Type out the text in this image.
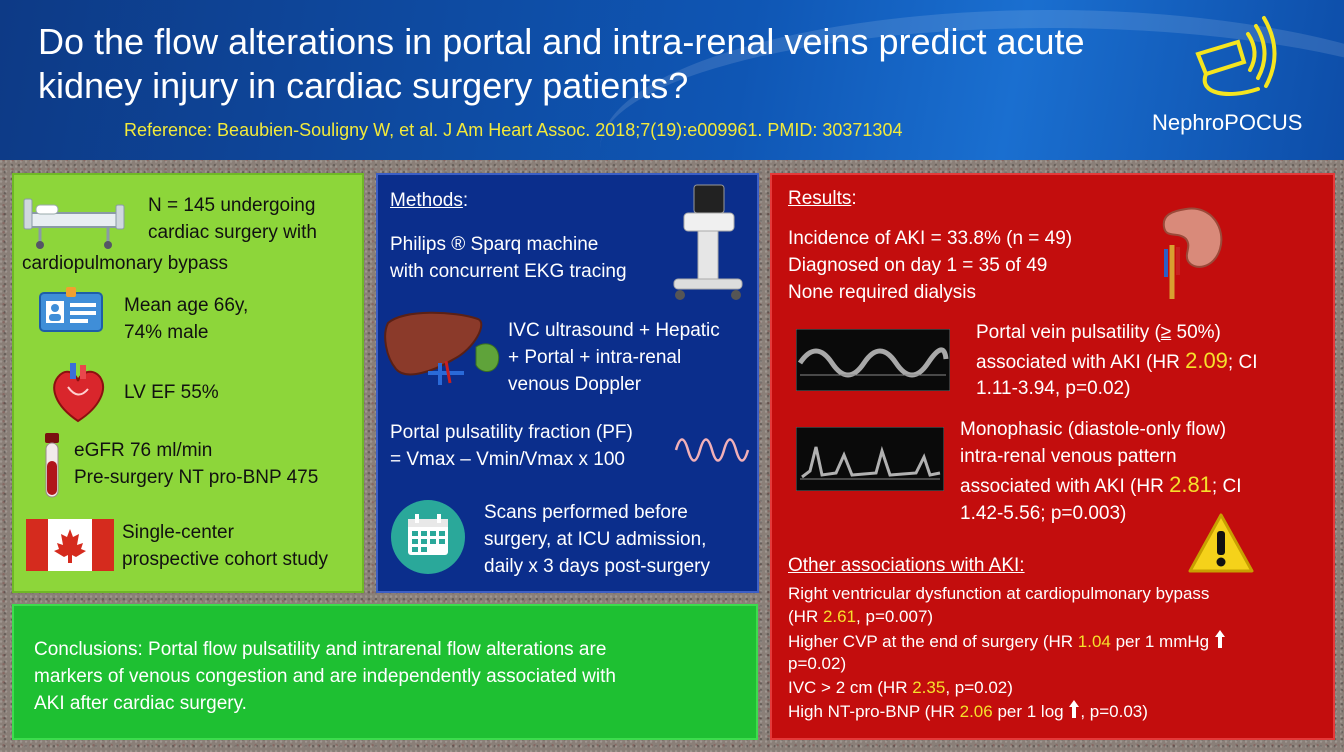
Do the flow alterations in portal and intra-renal veins predict acute kidney injury in cardiac surgery patients?
Reference: Beaubien-Souligny W, et al. J Am Heart Assoc. 2018;7(19):e009961. PMID: 30371304	NephroPOCUS
N = 145 undergoing
cardiac surgery with
cardiopulmonary bypass
Mean age 66y,
74% male
LV EF 55%
eGFR 76 ml/min
Pre-surgery NT pro-BNP 475
Single-center
prospective cohort study
Methods:
Philips ® Sparq machine
with concurrent EKG tracing
IVC ultrasound + Hepatic
+ Portal + intra-renal
venous Doppler
Portal pulsatility fraction (PF)
= Vmax – Vmin/Vmax x 100
Scans performed before
surgery, at ICU admission,
daily x 3 days post-surgery
Results:
Incidence of AKI = 33.8% (n = 49)
Diagnosed on day 1 = 35 of 49
None required dialysis
Portal vein pulsatility (≥ 50%)
associated with AKI (HR 2.09; CI
1.11-3.94, p=0.02)
Monophasic (diastole-only flow)
intra-renal venous pattern
associated with AKI (HR 2.81; CI
1.42-5.56; p=0.003)
Other associations with AKI:
Right ventricular dysfunction at cardiopulmonary bypass
(HR 2.61, p=0.007)
Higher CVP at the end of surgery (HR 1.04 per 1 mmHg
p=0.02)
IVC > 2 cm (HR 2.35, p=0.02)
High NT-pro-BNP (HR 2.06 per 1 log , p=0.03)
Conclusions: Portal flow pulsatility and intrarenal flow alterations are
markers of venous congestion and are independently associated with
AKI after cardiac surgery.
